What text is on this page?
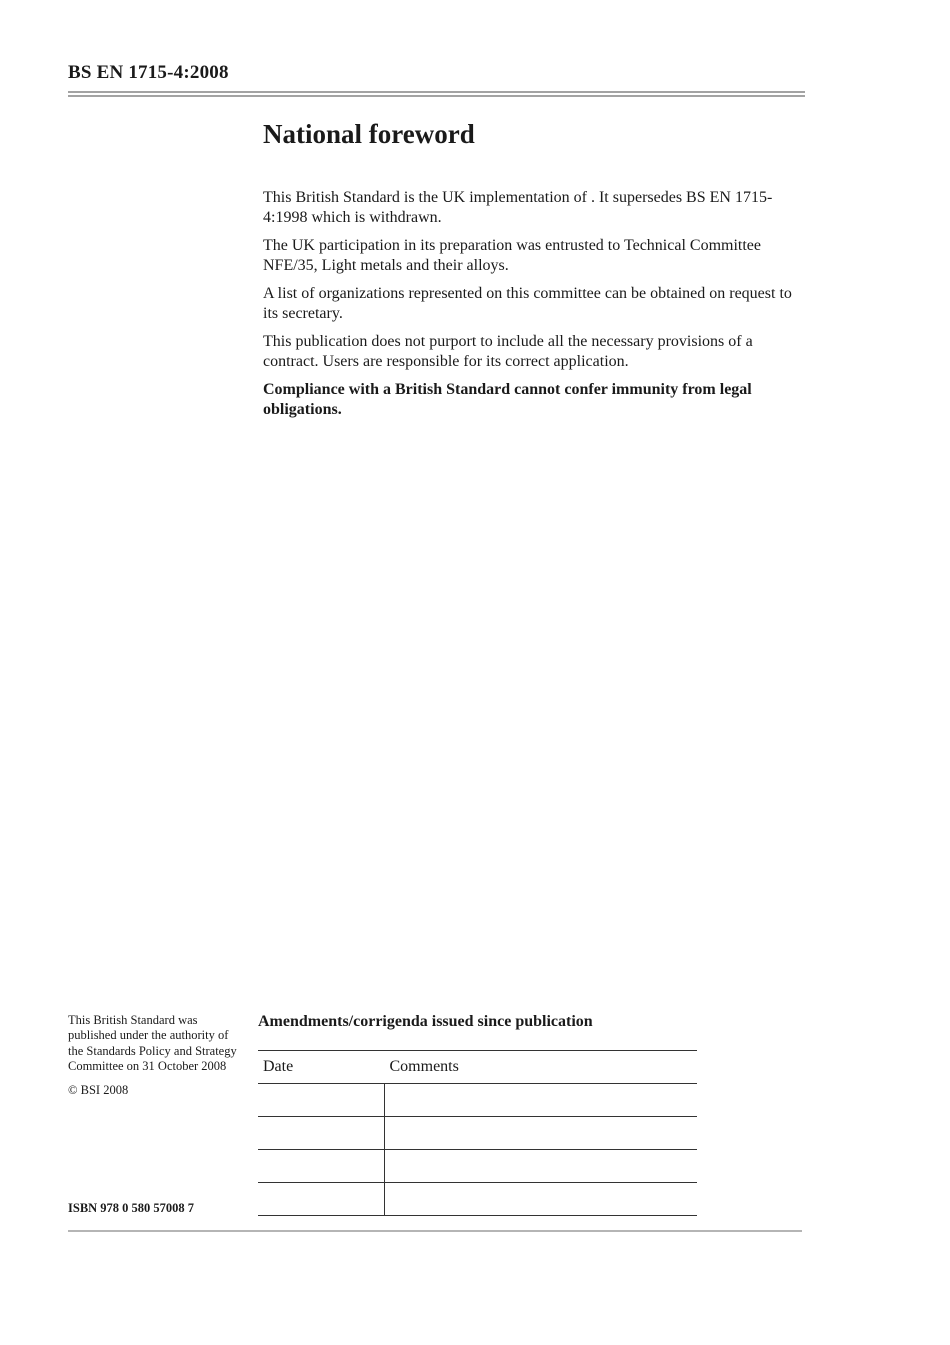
BS EN 1715-4:2008
National foreword

This British Standard is the UK implementation of . It supersedes BS EN 1715-4:1998 which is withdrawn.

The UK participation in its preparation was entrusted to Technical Committee NFE/35, Light metals and their alloys.

A list of organizations represented on this committee can be obtained on request to its secretary.

This publication does not purport to include all the necessary provisions of a contract. Users are responsible for its correct application.

Compliance with a British Standard cannot confer immunity from legal obligations.

This British Standard was published under the authority of the Standards Policy and Strategy Committee on 31 October 2008

© BSI 2008

ISBN 978 0 580 57008 7
Amendments/corrigenda issued since publication
Date	Comments
